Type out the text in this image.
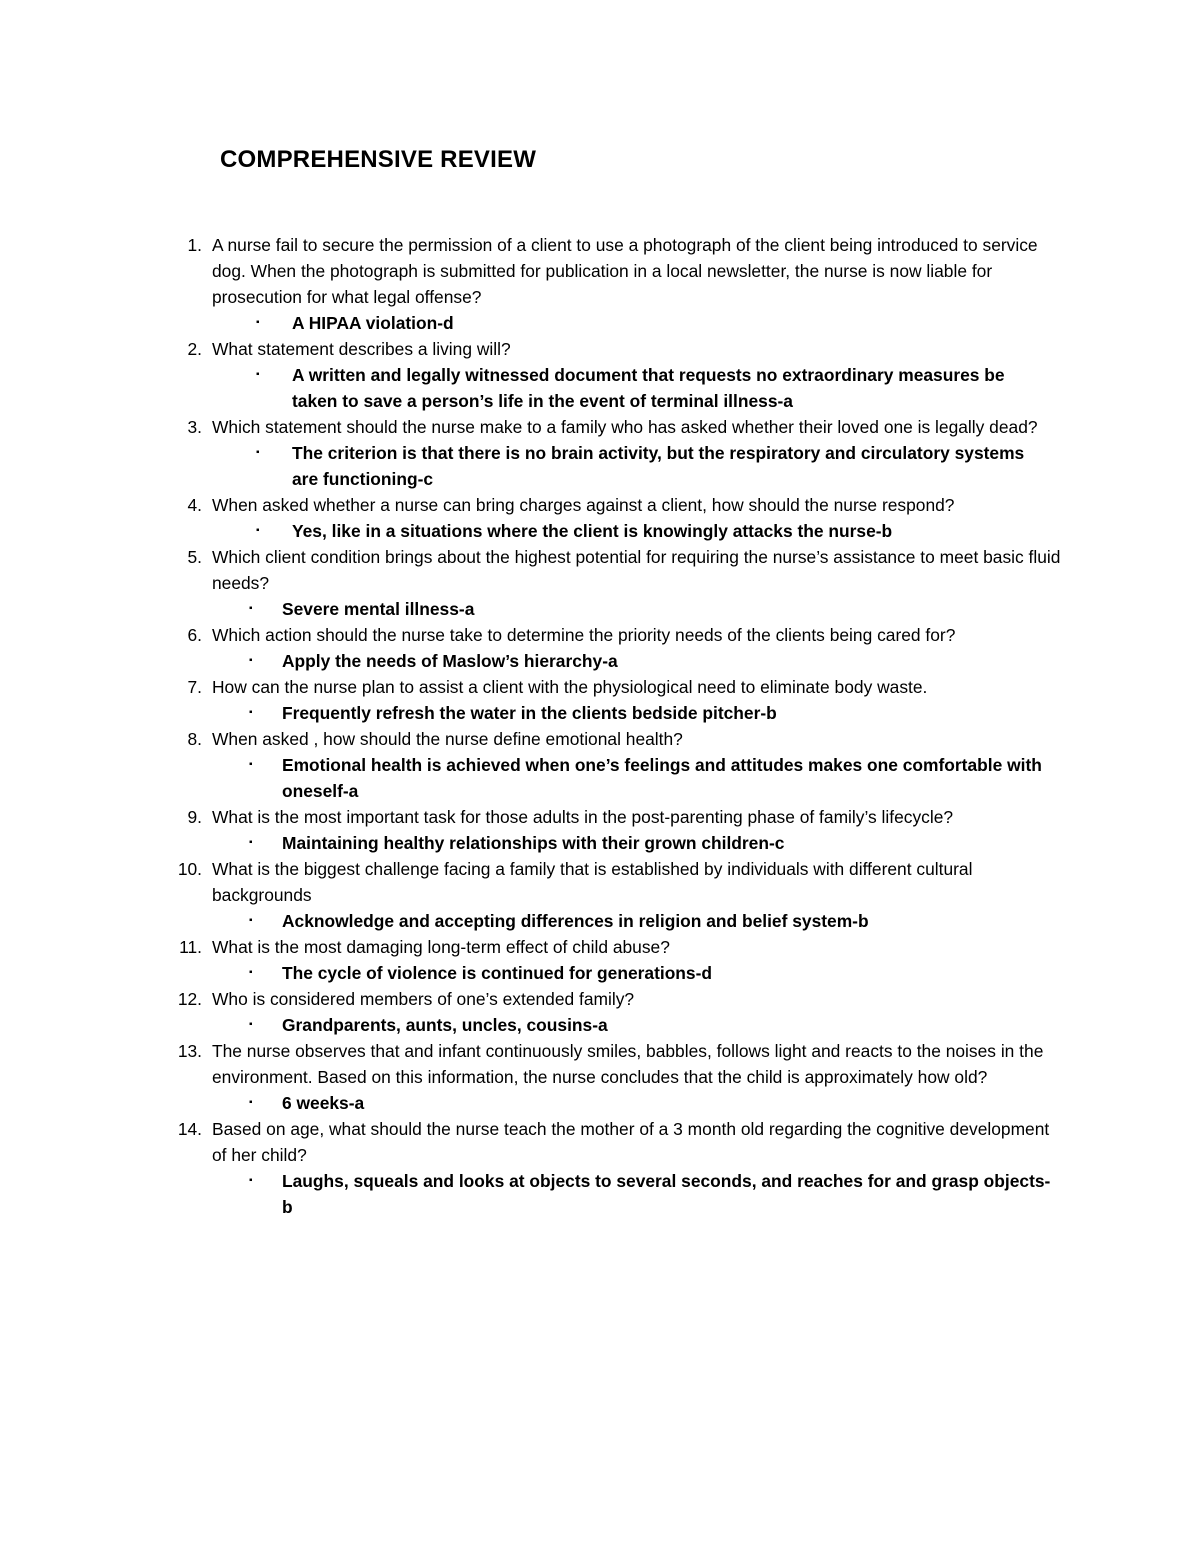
COMPREHENSIVE REVIEW
1. A nurse fail to secure the permission of a client to use a photograph of the client being introduced to service dog. When the photograph is submitted for publication in a local newsletter, the nurse is now liable for prosecution for what legal offense?
▪ A HIPAA violation-d
2. What statement describes a living will?
▪ A written and legally witnessed document that requests no extraordinary measures be taken to save a person’s life in the event of terminal illness-a
3. Which statement should the nurse make to a family who has asked whether their loved one is legally dead?
▪ The criterion is that there is no brain activity, but the respiratory and circulatory systems are functioning-c
4. When asked whether a nurse can bring charges against a client, how should the nurse respond?
▪ Yes, like in a situations where the client is knowingly attacks the nurse-b
5. Which client condition brings about the highest potential for requiring the nurse’s assistance to meet basic fluid needs?
▪ Severe mental illness-a
6. Which action should the nurse take to determine the priority needs of the clients being cared for?
▪ Apply the needs of Maslow’s hierarchy-a
7. How can the nurse plan to assist a client with the physiological need to eliminate body waste.
▪ Frequently refresh the water in the clients bedside pitcher-b
8. When asked , how should the nurse define emotional health?
▪ Emotional health is achieved when one’s feelings and attitudes makes one comfortable with oneself-a
9. What is the most important task for those adults in the post-parenting phase of family’s lifecycle?
▪ Maintaining healthy relationships with their grown children-c
10. What is the biggest challenge facing a family that is established by individuals with different cultural backgrounds
▪ Acknowledge and accepting differences in religion and belief system-b
11. What is the most damaging long-term effect of child abuse?
▪ The cycle of violence is continued for generations-d
12. Who is considered members of one’s extended family?
▪ Grandparents, aunts, uncles, cousins-a
13. The nurse observes that and infant continuously smiles, babbles, follows light and reacts to the noises in the environment. Based on this information, the nurse concludes that the child is approximately how old?
▪ 6 weeks-a
14. Based on age, what should the nurse teach the mother of a 3 month old regarding the cognitive development of her child?
▪ Laughs, squeals and looks at objects to several seconds, and reaches for and grasp objects-b
